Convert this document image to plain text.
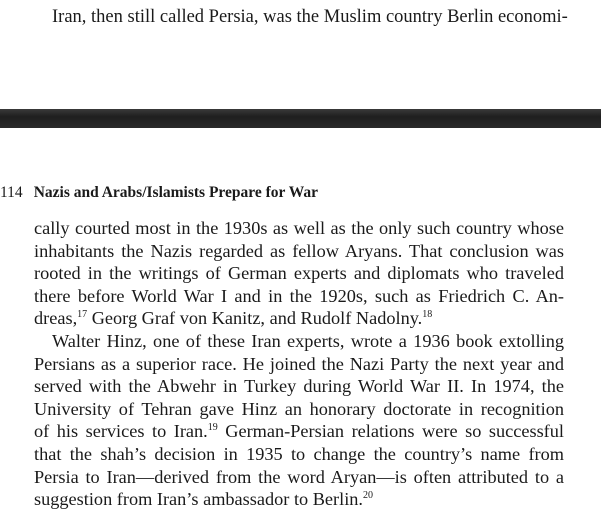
Iran, then still called Persia, was the Muslim country Berlin economi-
114 Nazis and Arabs/Islamists Prepare for War

cally courted most in the 1930s as well as the only such country whose
inhabitants the Nazis regarded as fellow Aryans. That conclusion was
rooted in the writings of German experts and diplomats who traveled
there before World War I and in the 1920s, such as Friedrich C. An-
dreas,$^{17}$ Georg Graf von Kanitz, and Rudolf Nadolny.$^{18}$

Walter Hinz, one of these Iran experts, wrote a 1936 book extolling
Persians as a superior race. He joined the Nazi Party the next year and
served with the Abwehr in Turkey during World War II. In 1974, the
University of Tehran gave Hinz an honorary doctorate in recognition
of his services to Iran.$^{19}$ German-Persian relations were so successful
that the shah’s decision in 1935 to change the country’s name from
Persia to Iran—derived from the word Aryan—is often attributed to a
suggestion from Iran’s ambassador to Berlin.$^{20}$
